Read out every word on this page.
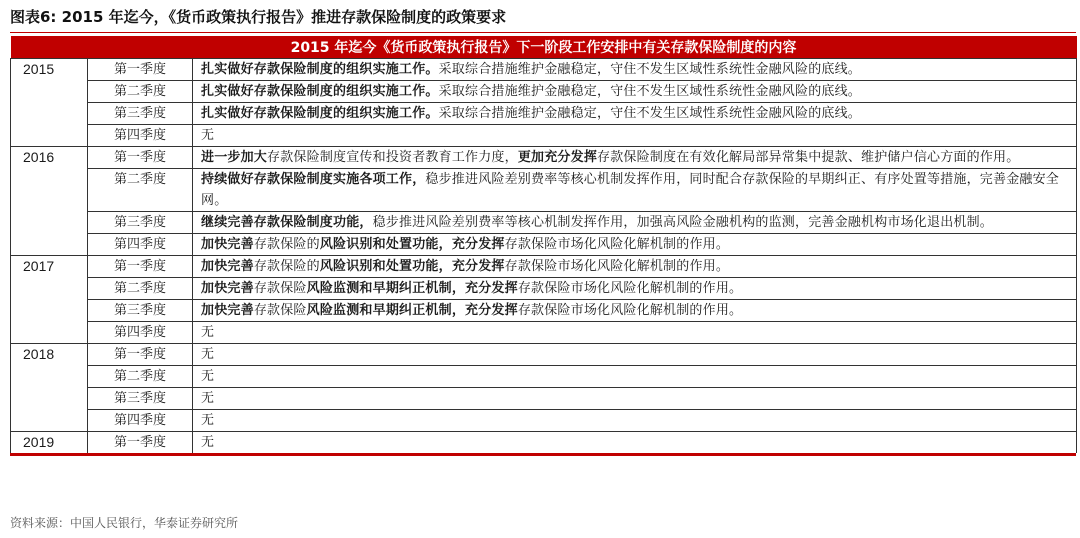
图表6: 2015 年迄今，《货币政策执行报告》推进存款保险制度的政策要求
2015 年迄今《货币政策执行报告》下一阶段工作安排中有关存款保险制度的内容		
2015	第一季度	扎实做好存款保险制度的组织实施工作。采取综合措施维护金融稳定，守住不发生区域性系统性金融风险的底线。
	第二季度	扎实做好存款保险制度的组织实施工作。采取综合措施维护金融稳定，守住不发生区域性系统性金融风险的底线。
	第三季度	扎实做好存款保险制度的组织实施工作。采取综合措施维护金融稳定，守住不发生区域性系统性金融风险的底线。
	第四季度	无
2016	第一季度	进一步加大存款保险制度宣传和投资者教育工作力度，更加充分发挥存款保险制度在有效化解局部异常集中提款、维护储户信心方面的作用。
	第二季度	持续做好存款保险制度实施各项工作，稳步推进风险差别费率等核心机制发挥作用，同时配合存款保险的早期纠正、有序处置等措施，完善金融安全网。
	第三季度	继续完善存款保险制度功能，稳步推进风险差别费率等核心机制发挥作用，加强高风险金融机构的监测，完善金融机构市场化退出机制。
	第四季度	加快完善存款保险的风险识别和处置功能，充分发挥存款保险市场化风险化解机制的作用。
2017	第一季度	加快完善存款保险的风险识别和处置功能，充分发挥存款保险市场化风险化解机制的作用。
	第二季度	加快完善存款保险风险监测和早期纠正机制，充分发挥存款保险市场化风险化解机制的作用。
	第三季度	加快完善存款保险风险监测和早期纠正机制，充分发挥存款保险市场化风险化解机制的作用。
	第四季度	无
2018	第一季度	无
	第二季度	无
	第三季度	无
	第四季度	无
2019	第一季度	无
资料来源：中国人民银行，华泰证券研究所
